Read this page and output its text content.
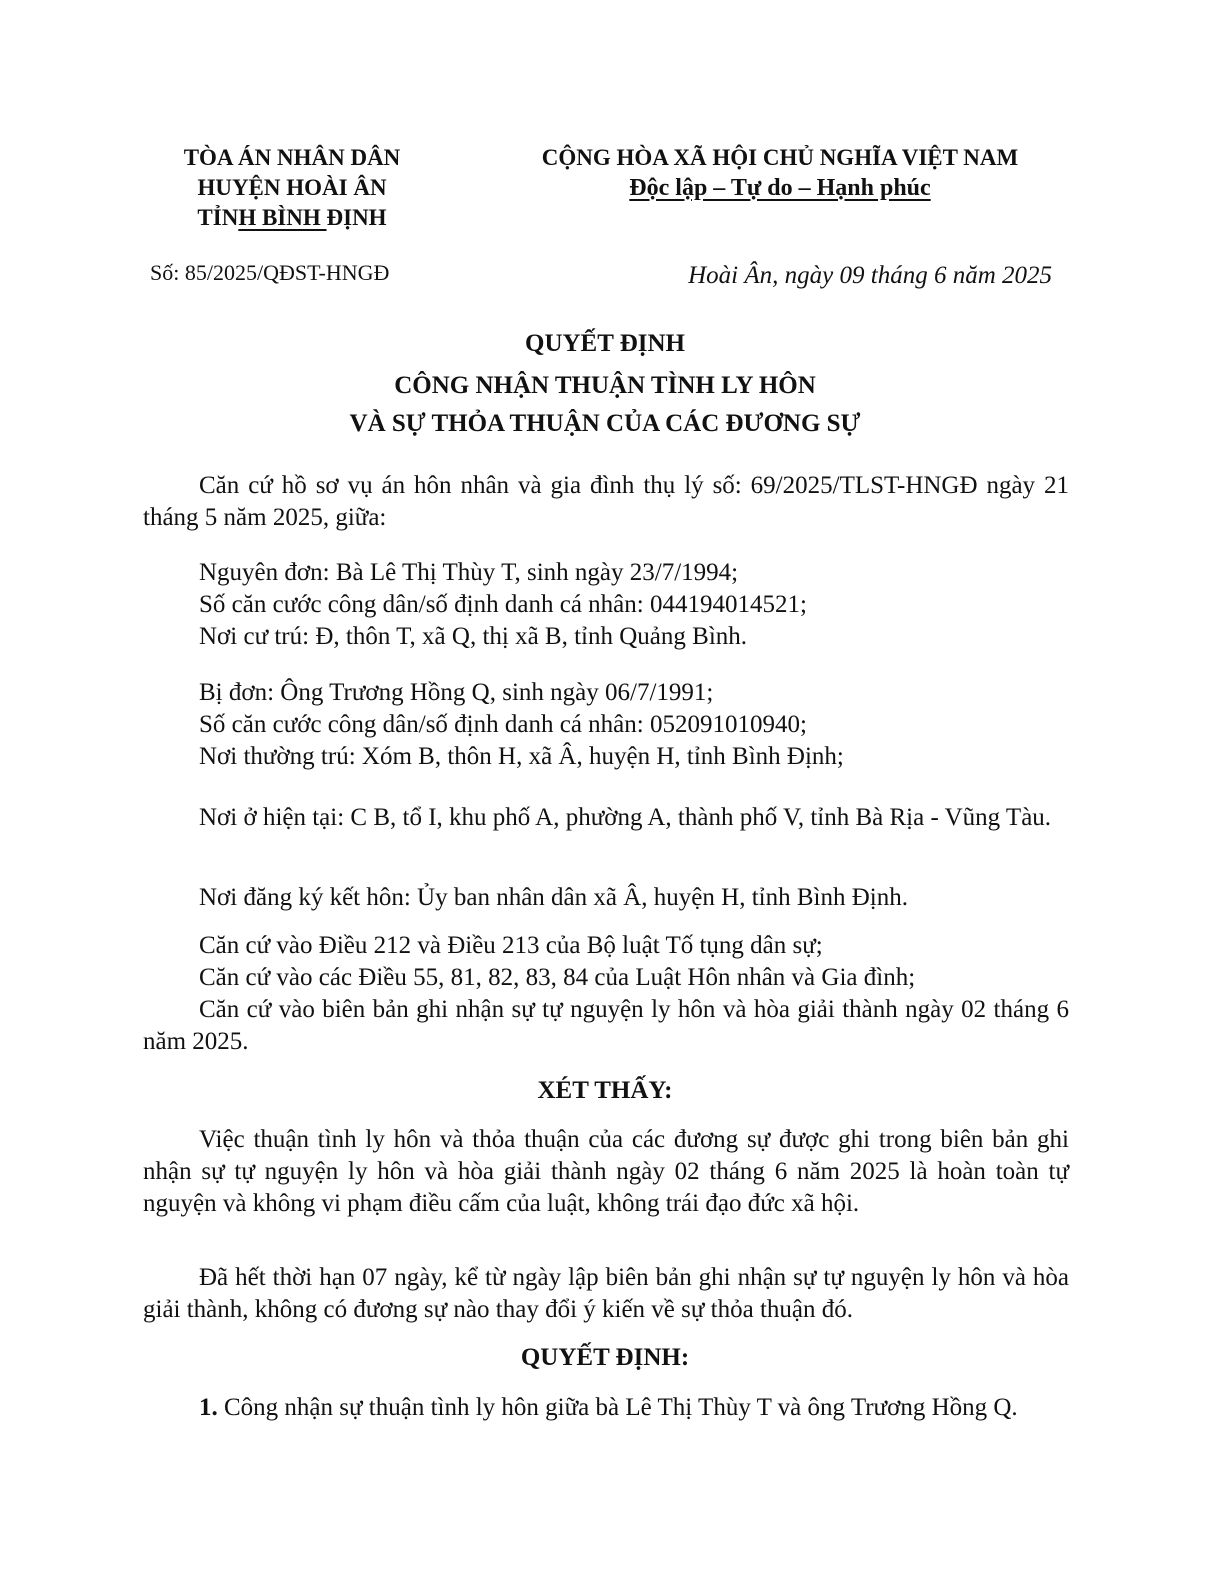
TÒA ÁN NHÂN DÂN
HUYỆN HOÀI ÂN
TỈNH BÌNH ĐỊNH
CỘNG HÒA XÃ HỘI CHỦ NGHĨA VIỆT NAM
Độc lập – Tự do – Hạnh phúc
Số: 85/2025/QĐST-HNGĐ	Hoài Ân, ngày 09 tháng 6 năm 2025
QUYẾT ĐỊNH
CÔNG NHẬN THUẬN TÌNH LY HÔN
VÀ SỰ THỎA THUẬN CỦA CÁC ĐƯƠNG SỰ

Căn cứ hồ sơ vụ án hôn nhân và gia đình thụ lý số: 69/2025/TLST-HNGĐ ngày 21 tháng 5 năm 2025, giữa:

Nguyên đơn: Bà Lê Thị Thùy T, sinh ngày 23/7/1994;

Số căn cước công dân/số định danh cá nhân: 044194014521;

Nơi cư trú: Đ, thôn T, xã Q, thị xã B, tỉnh Quảng Bình.

Bị đơn: Ông Trương Hồng Q, sinh ngày 06/7/1991;

Số căn cước công dân/số định danh cá nhân: 052091010940;

Nơi thường trú: Xóm B, thôn H, xã Â, huyện H, tỉnh Bình Định;

Nơi ở hiện tại: C B, tổ I, khu phố A, phường A, thành phố V, tỉnh Bà Rịa - Vũng Tàu.

Nơi đăng ký kết hôn: Ủy ban nhân dân xã Â, huyện H, tỉnh Bình Định.

Căn cứ vào Điều 212 và Điều 213 của Bộ luật Tố tụng dân sự;

Căn cứ vào các Điều 55, 81, 82, 83, 84 của Luật Hôn nhân và Gia đình;

Căn cứ vào biên bản ghi nhận sự tự nguyện ly hôn và hòa giải thành ngày 02 tháng 6 năm 2025.

XÉT THẤY:

Việc thuận tình ly hôn và thỏa thuận của các đương sự được ghi trong biên bản ghi nhận sự tự nguyện ly hôn và hòa giải thành ngày 02 tháng 6 năm 2025 là hoàn toàn tự nguyện và không vi phạm điều cấm của luật, không trái đạo đức xã hội.

Đã hết thời hạn 07 ngày, kể từ ngày lập biên bản ghi nhận sự tự nguyện ly hôn và hòa giải thành, không có đương sự nào thay đổi ý kiến về sự thỏa thuận đó.

QUYẾT ĐỊNH:

1. Công nhận sự thuận tình ly hôn giữa bà Lê Thị Thùy T và ông Trương Hồng Q.
